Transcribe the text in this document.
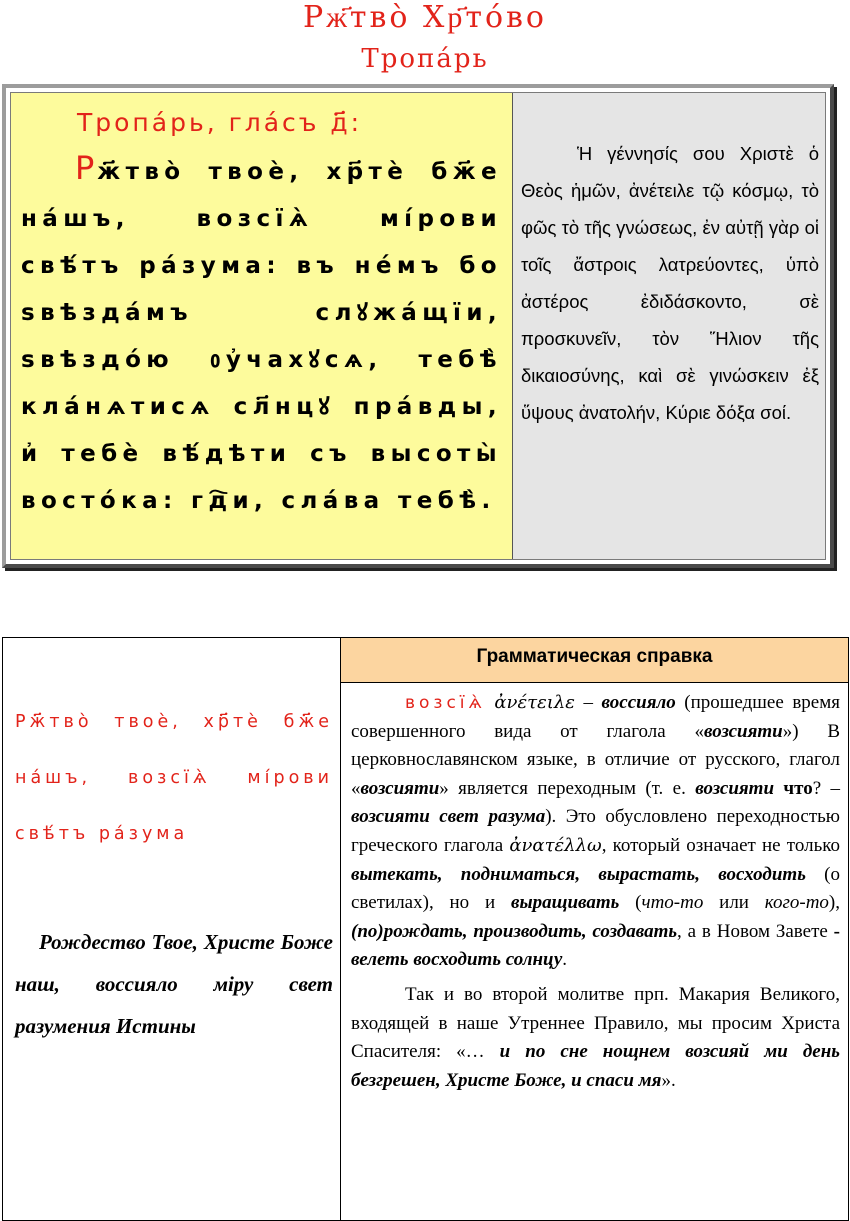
Рж҃тво̀ Хр҃то́во
Тропа́рь
Тропа́рь, гла́съ д҃:
Рж҃тво̀ твоѐ, хр҃тѐ бж҃е на́шъ, возсїѧ̀ мі́рови свѣ́тъ ра́зума: въ не́мъ бо ѕвѣзда́мъ слꙋжа́щїи, ѕвѣздо́ю ᲂу҆чахꙋсѧ, тебѣ̀ кла́нѧтисѧ сл҃нцꙋ пра́вды, и҆ тебѐ вѣ́дѣти съ высоты̀ восто́ка: гд҇и, сла́ва тебѣ̀.

Ἡ γέννησίς σου Χριστὲ ὁ Θεὸς ἡμῶν, ἀνέτειλε τῷ κόσμῳ, τὸ φῶς τὸ τῆς γνώσεως, ἐν αὐτῇ γὰρ οἱ τοῖς ἄστροις λατρεύοντες, ὑπὸ ἀστέρος ἐδιδάσκοντο, σὲ προσκυνεῖν, τὸν Ἥλιον τῆς δικαιοσύνης, καὶ σὲ γινώσκειν ἐξ ὕψους ἀνατολήν, Κύριε δόξα σοί.

Рж҃тво̀ твоѐ, хр҃тѐ бж҃е на́шъ, возсїѧ̀ мі́рови свѣ́тъ ра́зума
Рождество Твое, Христе Боже наш, воссияло міру свет разумения Истины
Грамматическая справка

возсїѧ̀ ἀνέτειλε – воссияло (прошедшее время совершенного вида от глагола «возсияти») В церковнославянском языке, в отличие от русского, глагол «возсияти» является переходным (т. е. возсияти что? – возсияти свет разума). Это обусловлено переходностью греческого глагола ἀνατέλλω, который означает не только вытекать, подниматься, вырастать, восходить (о светилах), но и выращивать (что-то или кого-то), (по)рождать, производить, создавать, а в Новом Завете - велеть восходить солнцу.

Так и во второй молитве прп. Макария Великого, входящей в наше Утреннее Правило, мы просим Христа Спасителя: «… и по сне нощнем возсияй ми день безгрешен, Христе Боже, и спаси мя».
